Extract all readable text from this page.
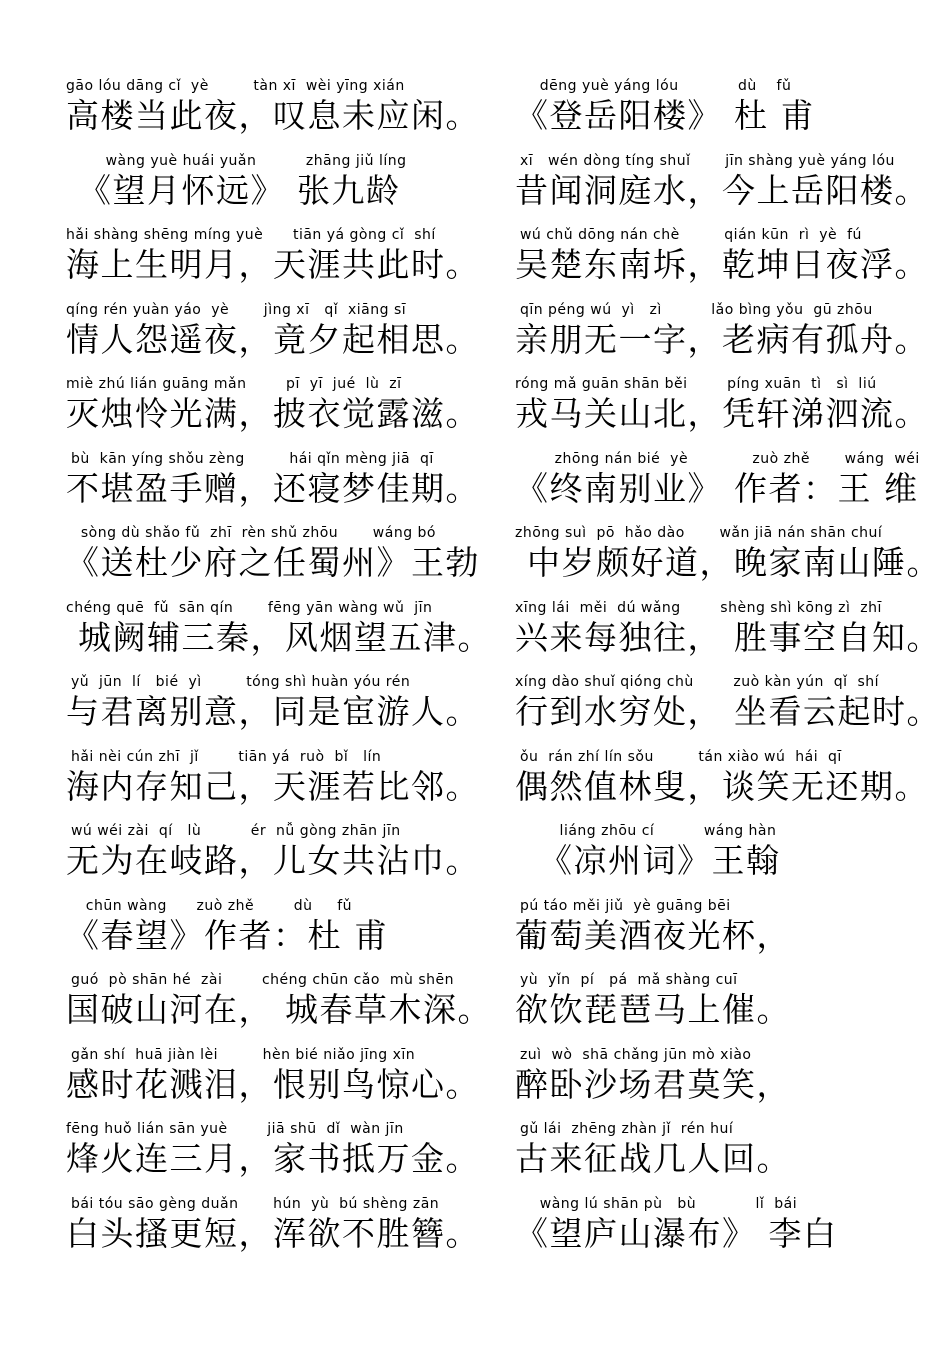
gāo lóu dāng cǐ  yè         tàn xī  wèi yīng xián
高楼当此夜，叹息未应闲。
wàng yuè huái yuǎn          zhāng jiǔ líng
《望月怀远》 张九龄
hǎi shàng shēng míng yuè      tiān yá gòng cǐ  shí
海上生明月，天涯共此时。
qíng rén yuàn yáo  yè       jìng xī   qǐ  xiāng sī
情人怨遥夜，竟夕起相思。
miè zhú lián guāng mǎn        pī  yī  jué  lù  zī
灭烛怜光满，披衣觉露滋。
bù  kān yíng shǒu zèng         hái qǐn mèng jiā  qī
不堪盈手赠，还寝梦佳期。
sòng dù shǎo fǔ  zhī  rèn shǔ zhōu       wáng bó
《送杜少府之任蜀州》王勃
chéng quē  fǔ  sān qín       fēng yān wàng wǔ  jīn
城阙辅三秦，风烟望五津。
yǔ  jūn  lí   bié  yì         tóng shì huàn yóu rén
与君离别意，同是宦游人。
hǎi nèi cún zhī  jǐ        tiān yá  ruò  bǐ   lín
海内存知己，天涯若比邻。
wú wéi zài  qí   lù          ér  nǚ gòng zhān jīn
无为在岐路，儿女共沾巾。
chūn wàng      zuò zhě        dù     fǔ
《春望》作者：杜 甫
guó  pò shān hé  zài        chéng chūn cǎo  mù shēn
国破山河在， 城春草木深。
gǎn shí  huā jiàn lèi         hèn bié niǎo jīng xīn
感时花溅泪，恨别鸟惊心。
fēng huǒ lián sān yuè        jiā shū  dǐ  wàn jīn
烽火连三月，家书抵万金。
bái tóu sāo gèng duǎn       hún  yù  bú shèng zān
白头搔更短，浑欲不胜簪。
dēng yuè yáng lóu            dù    fǔ
《登岳阳楼》 杜 甫
xī   wén dòng tíng shuǐ       jīn shàng yuè yáng lóu
昔闻洞庭水，今上岳阳楼。
wú chǔ dōng nán chè         qián kūn  rì  yè  fú
吴楚东南坼，乾坤日夜浮。
qīn péng wú  yì   zì          lǎo bìng yǒu  gū zhōu
亲朋无一字，老病有孤舟。
róng mǎ guān shān běi        píng xuān  tì   sì  liú
戎马关山北，凭轩涕泗流。
zhōng nán bié  yè             zuò zhě       wáng  wéi
《终南别业》 作者：王 维
zhōng suì  pō  hǎo dào       wǎn jiā nán shān chuí
中岁颇好道，晚家南山陲。
xīng lái  měi  dú wǎng        shèng shì kōng zì  zhī
兴来每独往， 胜事空自知。
xíng dào shuǐ qióng chù        zuò kàn yún  qǐ  shí
行到水穷处， 坐看云起时。
ǒu  rán zhí lín sǒu         tán xiào wú  hái  qī
偶然值林叟，谈笑无还期。
liáng zhōu cí          wáng hàn
《凉州词》王翰
pú táo měi jiǔ  yè guāng bēi
葡萄美酒夜光杯，
yù  yǐn  pí   pá  mǎ shàng cuī
欲饮琵琶马上催。
zuì  wò  shā chǎng jūn mò xiào
醉卧沙场君莫笑，
gǔ lái  zhēng zhàn jǐ  rén huí
古来征战几人回。
wàng lú shān pù   bù            lǐ  bái
《望庐山瀑布》 李白
